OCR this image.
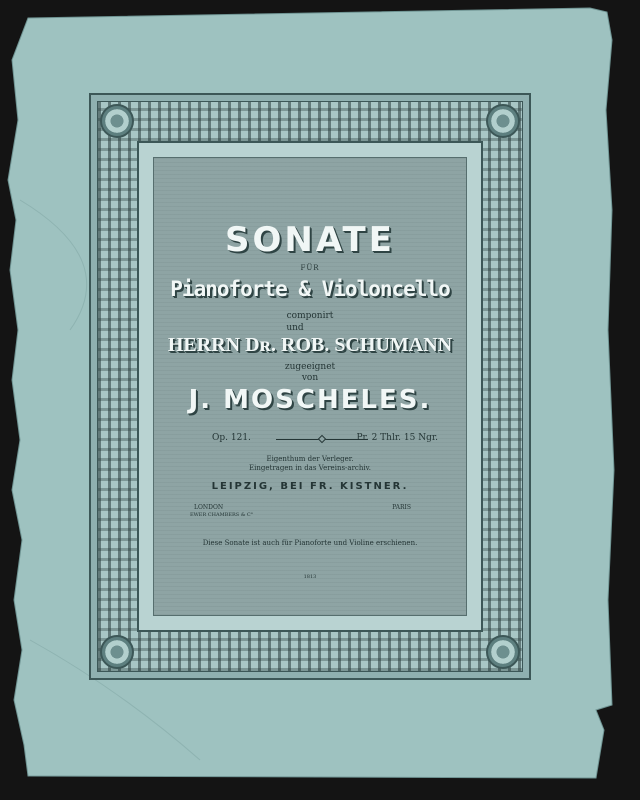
SONATE
FÜR
Pianoforte & Violoncello
componirt
und
HERRN Dʀ. ROB. SCHUMANN
zugeeignet
von
J. MOSCHELES.
Op. 121.	Pr. 2 Thlr. 15 Ngr.
Eigenthum der Verleger.
Eingetragen in das Vereins-archiv.
LEIPZIG, BEI FR. KISTNER.
LONDON
EWER CHAMBERS & C°
PARIS
Diese Sonate ist auch für Pianoforte und Violine erschienen.
1813
